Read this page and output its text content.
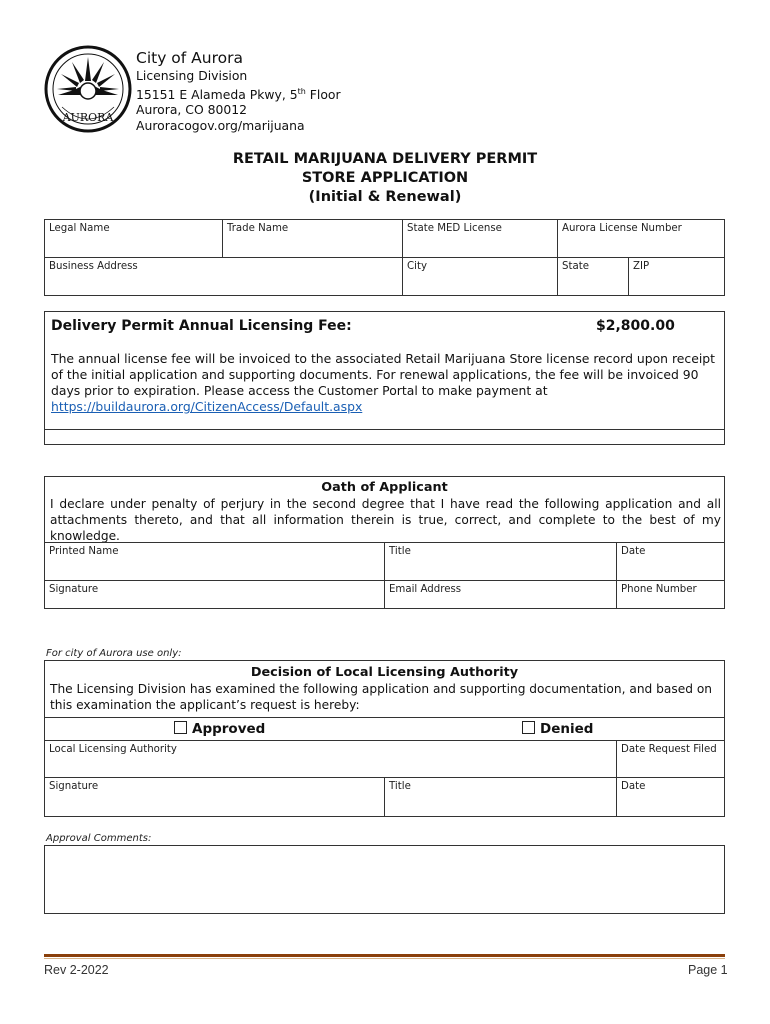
AURORA
City of Aurora
Licensing Division
15151 E Alameda Pkwy, 5th Floor
Aurora, CO 80012
Auroracogov.org/marijuana
RETAIL MARIJUANA DELIVERY PERMIT
STORE APPLICATION
(Initial & Renewal)
Legal Name	Trade Name	State MED License	Aurora License Number
Business Address	City	State	ZIP
Delivery Permit Annual Licensing Fee:	$2,800.00
The annual license fee will be invoiced to the associated Retail Marijuana Store license record upon receipt of the initial application and supporting documents. For renewal applications, the fee will be invoiced 90 days prior to expiration. Please access the Customer Portal to make payment at
https://buildaurora.org/CitizenAccess/Default.aspx
Oath of Applicant
I declare under penalty of perjury in the second degree that I have read the following application and all attachments thereto, and that all information therein is true, correct, and complete to the best of my knowledge.
Printed Name	Title	Date
Signature	Email Address	Phone Number
For city of Aurora use only:
Decision of Local Licensing Authority
The Licensing Division has examined the following application and supporting documentation, and based on this examination the applicant’s request is hereby:
Approved	Denied
Local Licensing Authority	Date Request Filed
Signature	Title	Date
Approval Comments:
Rev 2-2022	Page 1
